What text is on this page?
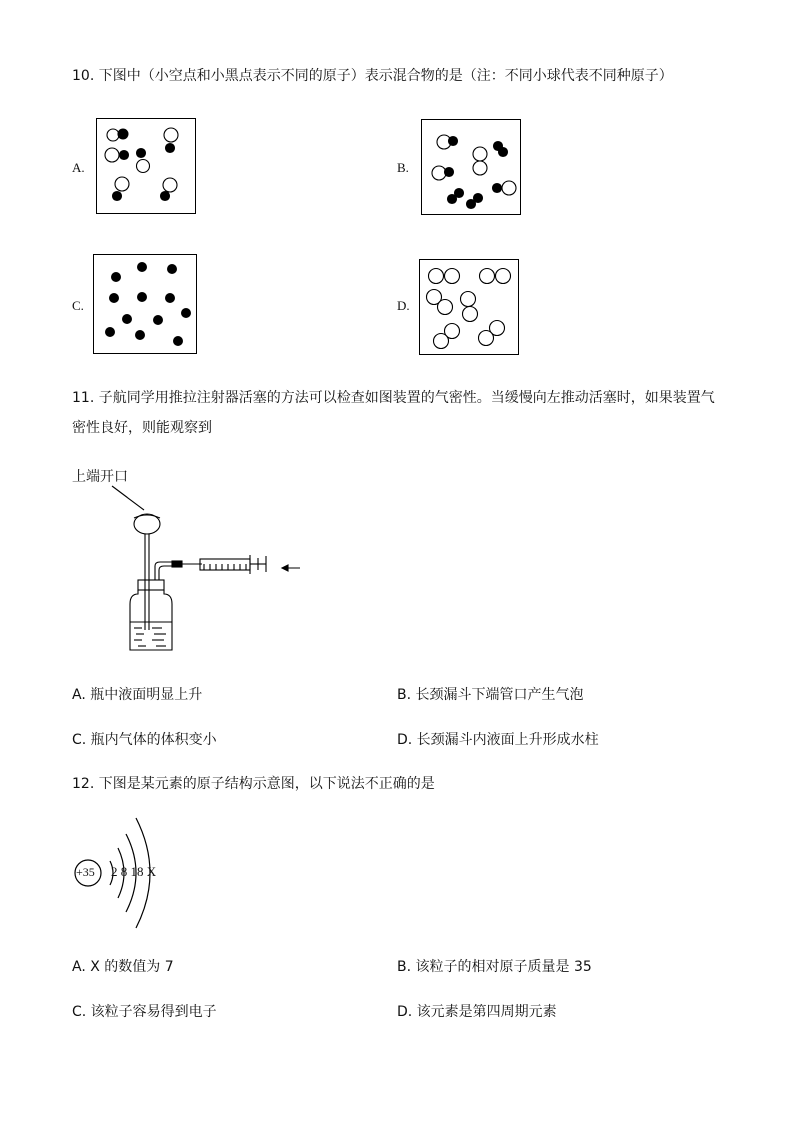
10. 下图中（小空点和小黑点表示不同的原子）表示混合物的是（注：不同小球代表不同种原子）
A.	B.
C.	D.
11. 子航同学用推拉注射器活塞的方法可以检查如图装置的气密性。当缓慢向左推动活塞时，如果装置气
密性良好，则能观察到
上端开口
A. 瓶中液面明显上升	B. 长颈漏斗下端管口产生气泡
C. 瓶内气体的体积变小	D. 长颈漏斗内液面上升形成水柱
12. 下图是某元素的原子结构示意图，以下说法不正确的是
+35 2 8 18 X
A. X 的数值为 7	B. 该粒子的相对原子质量是 35
C. 该粒子容易得到电子	D. 该元素是第四周期元素
